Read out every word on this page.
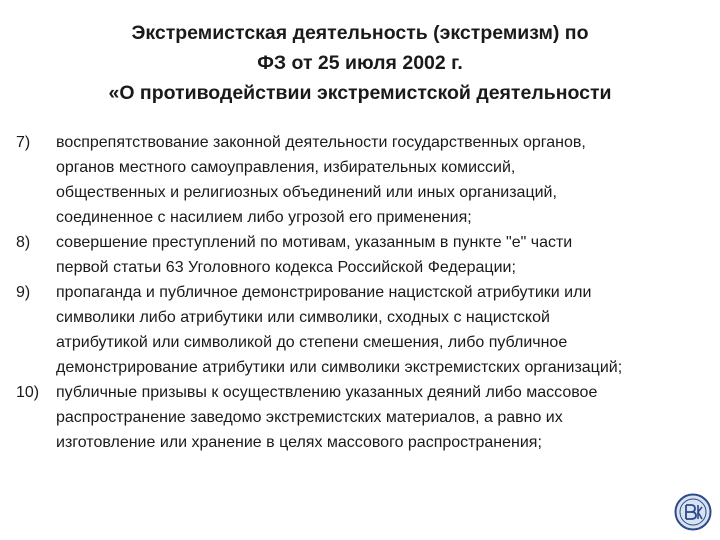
Экстремистская деятельность (экстремизм) по
ФЗ от 25 июля 2002 г.
«О противодействии экстремистской деятельности
7)	воспрепятствование законной деятельности государственных органов,
органов местного самоуправления, избирательных комиссий,
общественных и религиозных объединений или иных организаций,
соединенное с насилием либо угрозой его применения;
8)	совершение преступлений по мотивам, указанным в пункте "е" части
первой статьи 63 Уголовного кодекса Российской Федерации;
9)	пропаганда и публичное демонстрирование нацистской атрибутики или
символики либо атрибутики или символики, сходных с нацистской
атрибутикой или символикой до степени смешения, либо публичное
демонстрирование атрибутики или символики экстремистских организаций;
10)	публичные призывы к осуществлению указанных деяний либо массовое
распространение заведомо экстремистских материалов, а равно их
изготовление или хранение в целях массового распространения;
